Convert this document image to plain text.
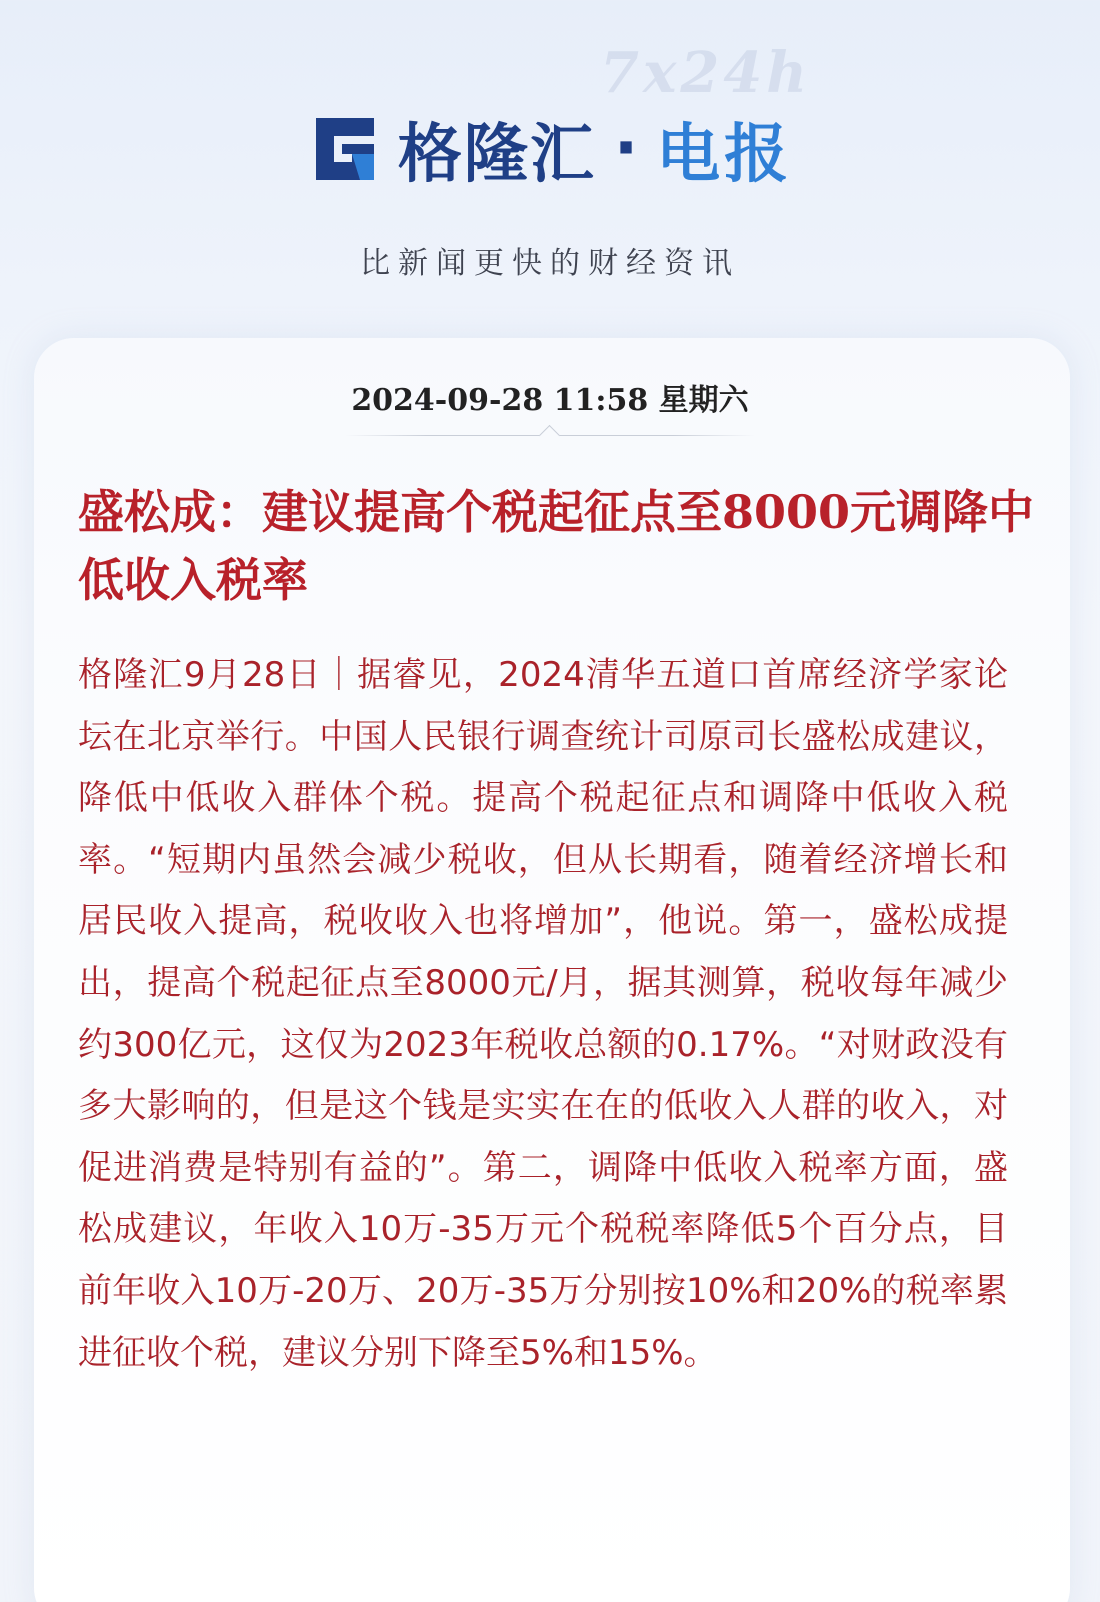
7x24h
格隆汇 · 电报
比新闻更快的财经资讯
2024-09-28 11:58 星期六
盛松成：建议提高个税起征点至8000元调降中低收入税率
格隆汇9月28日｜据睿见，2024清华五道口首席经济学家论坛在北京举行。中国人民银行调查统计司原司长盛松成建议，降低中低收入群体个税。提高个税起征点和调降中低收入税率。“短期内虽然会减少税收，但从长期看，随着经济增长和居民收入提高，税收收入也将增加”，他说。第一，盛松成提出，提高个税起征点至8000元/月，据其测算，税收每年减少约300亿元，这仅为2023年税收总额的0.17%。“对财政没有多大影响的，但是这个钱是实实在在的低收入人群的收入，对促进消费是特别有益的”。第二，调降中低收入税率方面，盛松成建议，年收入10万-35万元个税税率降低5个百分点，目前年收入10万-20万、20万-35万分别按10%和20%的税率累进征收个税，建议分别下降至5%和15%。
